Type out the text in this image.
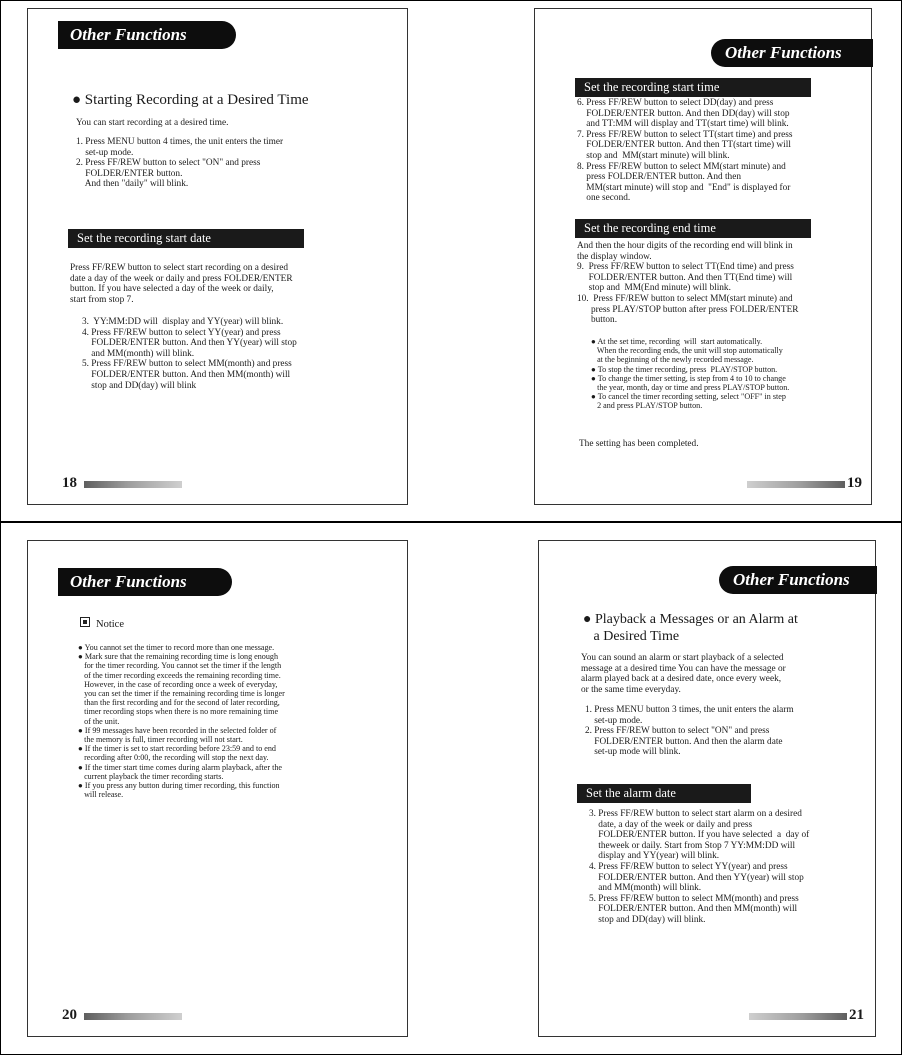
Other Functions
● Starting Recording at a Desired Time
You can start recording at a desired time.
1. Press MENU button 4 times, the unit enters the timer
set-up mode.
2. Press FF/REW button to select "ON" and press
FOLDER/ENTER button.
And then "daily" will blink.
Set the recording start date
Press FF/REW button to select start recording on a desired
date a day of the week or daily and press FOLDER/ENTER
button. If you have selected a day of the week or daily,
start from stop 7.
3.  YY:MM:DD will  display and YY(year) will blink.
4. Press FF/REW button to select YY(year) and press
FOLDER/ENTER button. And then YY(year) will stop
and MM(month) will blink.
5. Press FF/REW button to select MM(month) and press
FOLDER/ENTER button. And then MM(month) will
stop and DD(day) will blink
18
Other Functions
Set the recording start time
6. Press FF/REW button to select DD(day) and press
FOLDER/ENTER button. And then DD(day) will stop
and TT:MM will display and TT(start time) will blink.
7. Press FF/REW button to select TT(start time) and press
FOLDER/ENTER button. And then TT(start time) will
stop and  MM(start minute) will blink.
8. Press FF/REW button to select MM(start minute) and
press FOLDER/ENTER button. And then
MM(start minute) will stop and  "End" is displayed for
one second.
Set the recording end time
And then the hour digits of the recording end will blink in
the display window.
9.  Press FF/REW button to select TT(End time) and press
FOLDER/ENTER button. And then TT(End time) will
stop and  MM(End minute) will blink.
10.  Press FF/REW button to select MM(start minute) and
press PLAY/STOP button after press FOLDER/ENTER
button.
● At the set time, recording  will  start automatically.
When the recording ends, the unit will stop automatically
at the beginning of the newly recorded message.
● To stop the timer recording, press  PLAY/STOP button.
● To change the timer setting, is step from 4 to 10 to change
the year, month, day or time and press PLAY/STOP button.
● To cancel the timer recording setting, select "OFF" in step
2 and press PLAY/STOP button.
The setting has been completed.
19
Other Functions
Notice
● You cannot set the timer to record more than one message.
● Mark sure that the remaining recording time is long enough
for the timer recording. You cannot set the timer if the length
of the timer recording exceeds the remaining recording time.
However, in the case of recording once a week of everyday,
you can set the timer if the remaining recording time is longer
than the first recording and for the second of later recording,
timer recording stops when there is no more remaining time
of the unit.
● If 99 messages have been recorded in the selected folder of
the memory is full, timer recording will not start.
● If the timer is set to start recording before 23:59 and to end
recording after 0:00, the recording will stop the next day.
● If the timer start time comes during alarm playback, after the
current playback the timer recording starts.
● If you press any button during timer recording, this function
will release.
20
Other Functions
● Playback a Messages or an Alarm at
a Desired Time
You can sound an alarm or start playback of a selected
message at a desired time You can have the message or
alarm played back at a desired date, once every week,
or the same time everyday.
1. Press MENU button 3 times, the unit enters the alarm
set-up mode.
2. Press FF/REW button to select "ON" and press
FOLDER/ENTER button. And then the alarm date
set-up mode will blink.
Set the alarm date
3. Press FF/REW button to select start alarm on a desired
date, a day of the week or daily and press
FOLDER/ENTER button. If you have selected  a  day of
theweek or daily. Start from Stop 7 YY:MM:DD will
display and YY(year) will blink.
4. Press FF/REW button to select YY(year) and press
FOLDER/ENTER button. And then YY(year) will stop
and MM(month) will blink.
5. Press FF/REW button to select MM(month) and press
FOLDER/ENTER button. And then MM(month) will
stop and DD(day) will blink.
21
